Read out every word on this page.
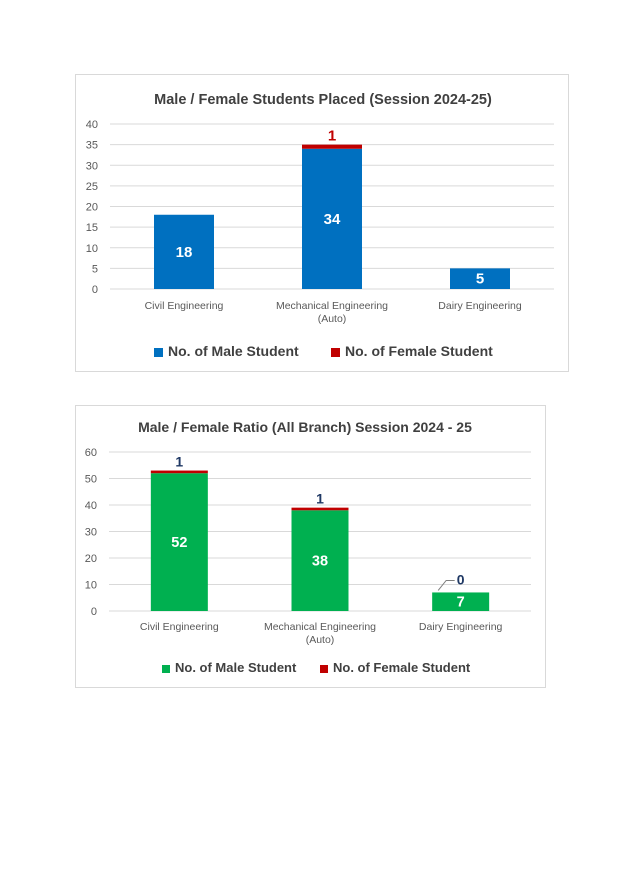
Male / Female Students Placed (Session 2024-25)
0
5
10
15
20
25
30
35
40
18
Civil Engineering
34
1
Mechanical Engineering
(Auto)
5
Dairy Engineering
No. of Male Student	No. of Female Student
Male / Female Ratio (All Branch) Session 2024 - 25
0
10
20
30
40
50
60
52
1
Civil Engineering
38
1
Mechanical Engineering
(Auto)
7
0
Dairy Engineering
No. of Male Student	No. of Female Student
